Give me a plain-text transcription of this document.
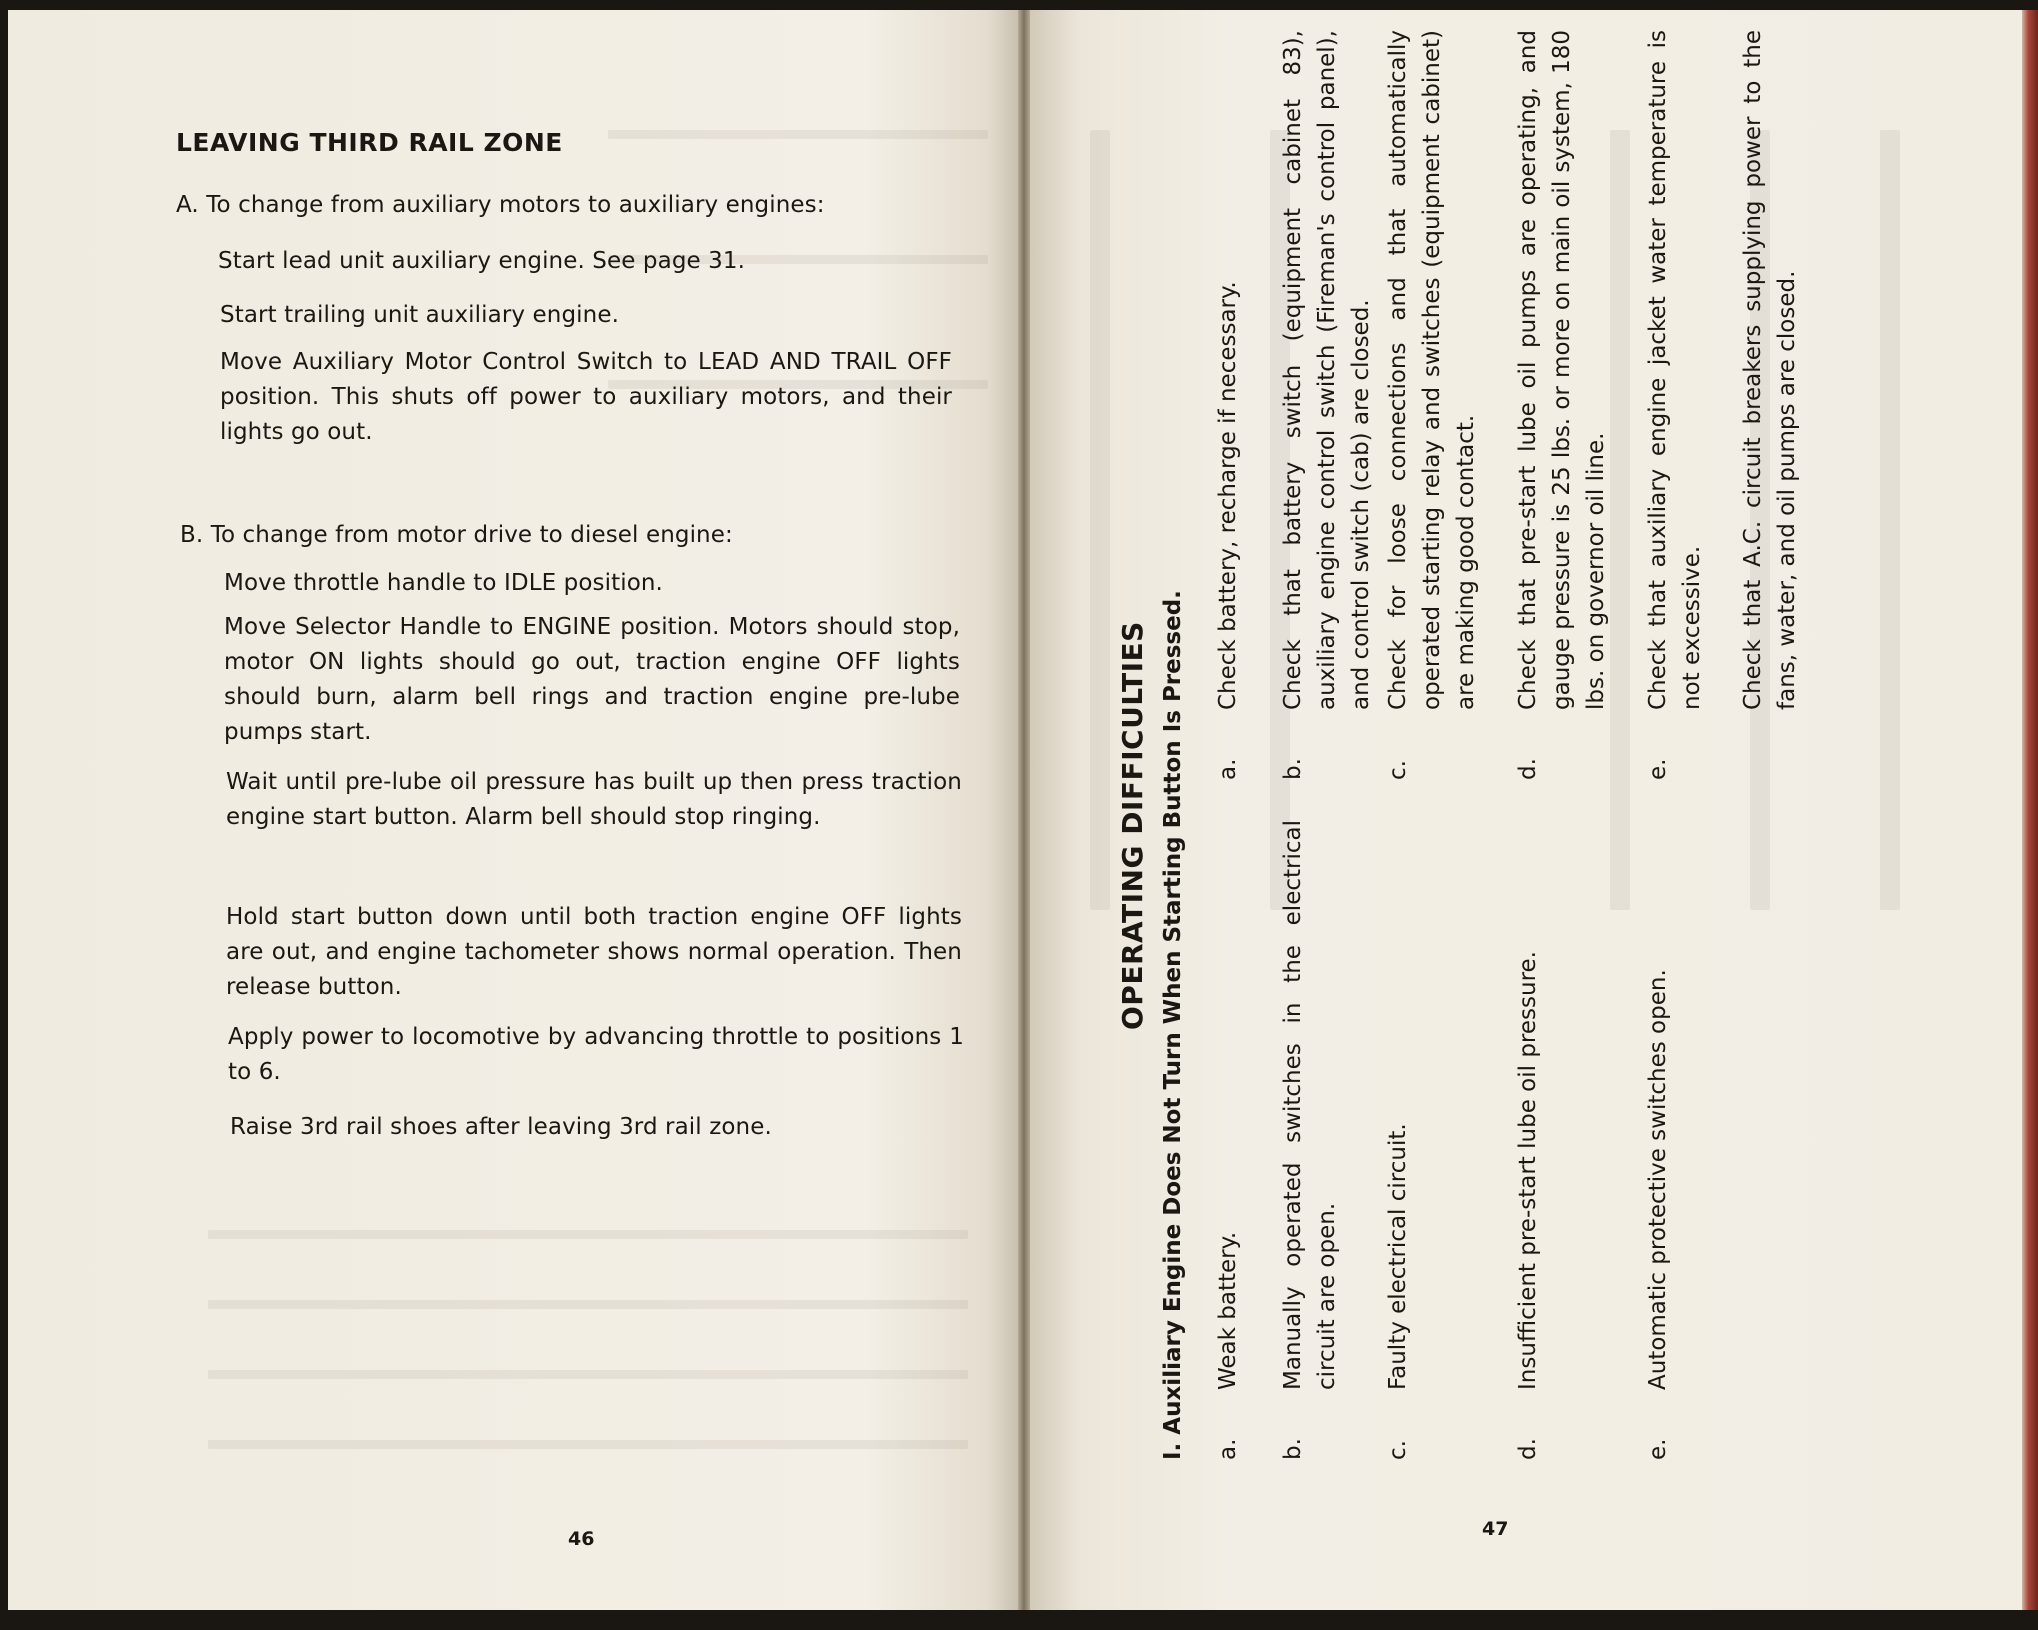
LEAVING THIRD RAIL ZONE
A. To change from auxiliary motors to auxiliary engines:
Start lead unit auxiliary engine. See page 31.
Start trailing unit auxiliary engine.
Move Auxiliary Motor Control Switch to LEAD AND TRAIL OFF position. This shuts off power to auxiliary motors, and their lights go out.
B. To change from motor drive to diesel engine:
Move throttle handle to IDLE position.
Move Selector Handle to ENGINE position. Motors should stop, motor ON lights should go out, traction engine OFF lights should burn, alarm bell rings and traction engine pre-lube pumps start.
Wait until pre-lube oil pressure has built up then press traction engine start button. Alarm bell should stop ringing.
Hold start button down until both traction engine OFF lights are out, and engine tachometer shows normal operation. Then release button.
Apply power to locomotive by advancing throttle to positions 1 to 6.
Raise 3rd rail shoes after leaving 3rd rail zone.
46
OPERATING DIFFICULTIES I. Auxiliary Engine Does Not Turn When Starting Button Is Pressed. a.
Weak battery.
b.
Manually operated switches in the electrical circuit are open.
c.
Faulty electrical circuit.
d.
Insufficient pre-start lube oil pressure.
e.
Automatic protective switches open.
a.
Check battery, recharge if necessary.
b.
Check that battery switch (equipment cabinet 83), auxiliary engine control switch (Fireman's control panel), and control switch (cab) are closed.
c.
Check for loose connections and that automatically operated starting relay and switches (equipment cabinet) are making good contact.
d.
Check that pre-start lube oil pumps are operating, and gauge pressure is 25 lbs. or more on main oil system, 180 lbs. on governor oil line.
e.
Check that auxiliary engine jacket water temperature is not excessive. Check that A.C. circuit breakers supplying power to the fans, water, and oil pumps are closed.
47
